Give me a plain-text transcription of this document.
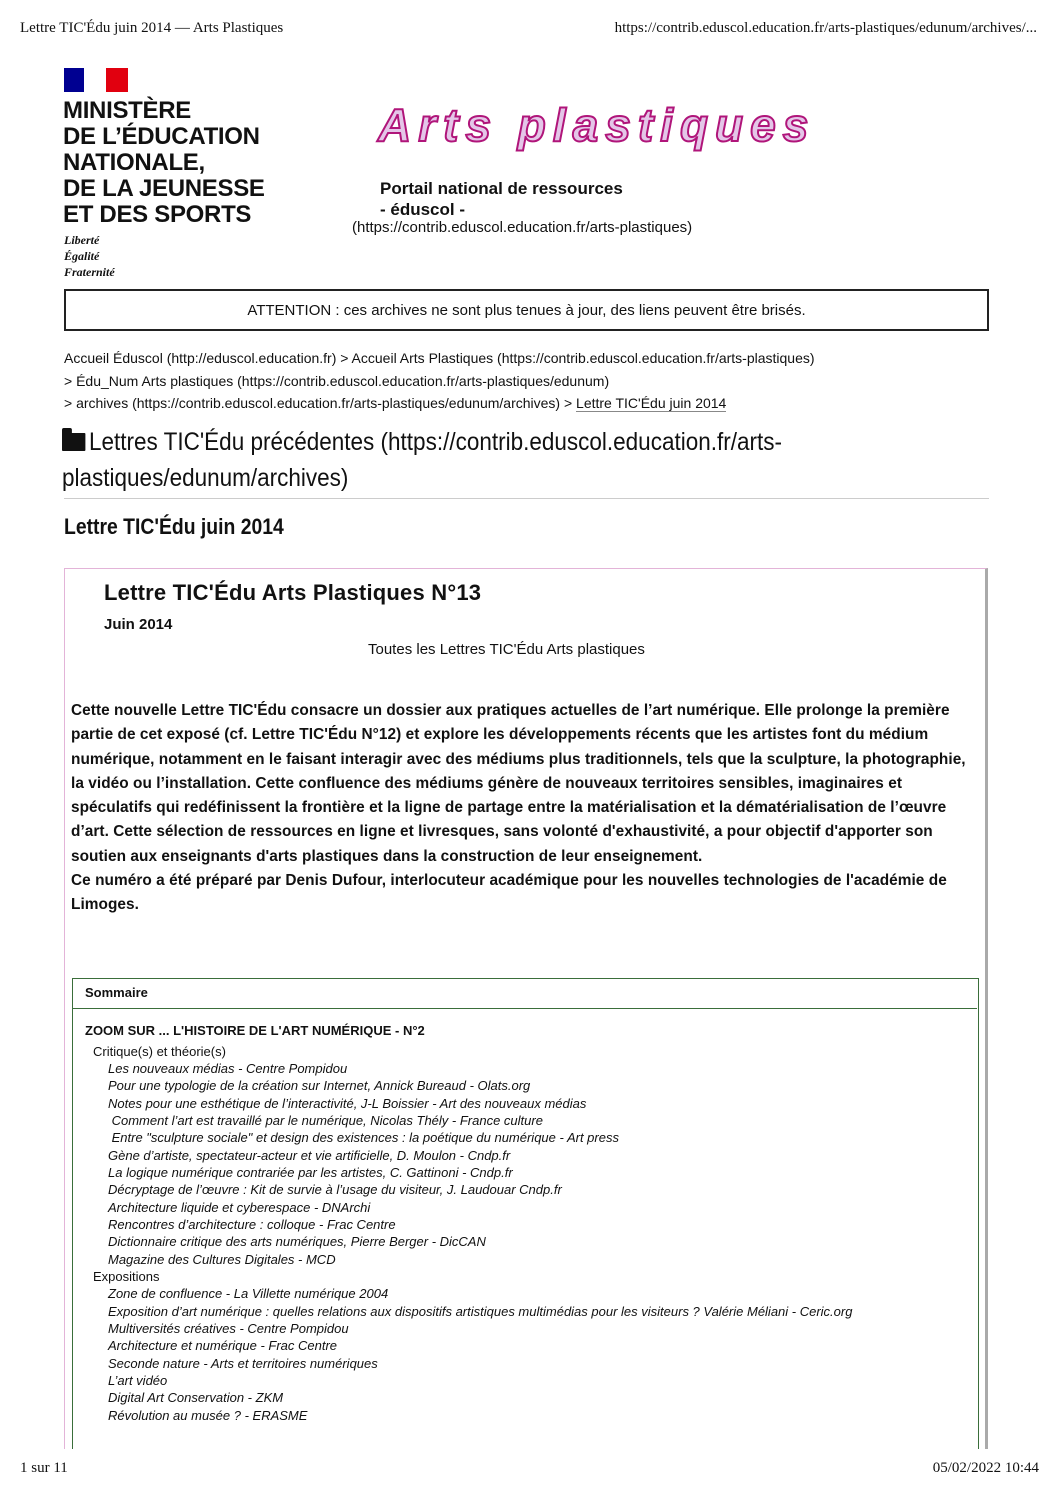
Lettre TIC'Édu juin 2014 — Arts Plastiques	https://contrib.eduscol.education.fr/arts-plastiques/edunum/archives/...
MINISTÈRE
DE L’ÉDUCATION
NATIONALE,
DE LA JEUNESSE
ET DES SPORTS
Liberté
Égalité
Fraternité
Arts plastiques
Portail national de ressources
- éduscol -
(https://contrib.eduscol.education.fr/arts-plastiques)
ATTENTION : ces archives ne sont plus tenues à jour, des liens peuvent être brisés.
Accueil Éduscol (http://eduscol.education.fr) > Accueil Arts Plastiques (https://contrib.eduscol.education.fr/arts-plastiques)
> Édu_Num Arts plastiques (https://contrib.eduscol.education.fr/arts-plastiques/edunum)
> archives (https://contrib.eduscol.education.fr/arts-plastiques/edunum/archives) > Lettre TIC'Édu juin 2014
Lettres TIC'Édu précédentes (https://contrib.eduscol.education.fr/arts-plastiques/edunum/archives)
Lettre TIC'Édu juin 2014
Lettre TIC'Édu Arts Plastiques N°13
Juin 2014
Toutes les Lettres TIC'Édu Arts plastiques
Cette nouvelle Lettre TIC'Édu consacre un dossier aux pratiques actuelles de l’art numérique. Elle prolonge la première partie de cet exposé (cf. Lettre TIC'Édu N°12) et explore les développements récents que les artistes font du médium numérique, notamment en le faisant interagir avec des médiums plus traditionnels, tels que la sculpture, la photographie, la vidéo ou l’installation. Cette confluence des médiums génère de nouveaux territoires sensibles, imaginaires et spéculatifs qui redéfinissent la frontière et la ligne de partage entre la matérialisation et la dématérialisation de l’œuvre d’art. Cette sélection de ressources en ligne et livresques, sans volonté d'exhaustivité, a pour objectif d'apporter son soutien aux enseignants d'arts plastiques dans la construction de leur enseignement.
Ce numéro a été préparé par Denis Dufour, interlocuteur académique pour les nouvelles technologies de l'académie de Limoges.
Sommaire
ZOOM SUR ... L'HISTOIRE DE L'ART NUMÉRIQUE - N°2
Critique(s) et théorie(s)
Les nouveaux médias - Centre Pompidou
Pour une typologie de la création sur Internet, Annick Bureaud - Olats.org
Notes pour une esthétique de l’interactivité, J-L Boissier - Art des nouveaux médias
Comment l’art est travaillé par le numérique, Nicolas Thély - France culture
Entre "sculpture sociale" et design des existences : la poétique du numérique - Art press
Gène d’artiste, spectateur-acteur et vie artificielle, D. Moulon - Cndp.fr
La logique numérique contrariée par les artistes, C. Gattinoni - Cndp.fr
Décryptage de l’œuvre : Kit de survie à l’usage du visiteur, J. Laudouar Cndp.fr
Architecture liquide et cyberespace - DNArchi
Rencontres d’architecture : colloque - Frac Centre
Dictionnaire critique des arts numériques, Pierre Berger - DicCAN
Magazine des Cultures Digitales - MCD
Expositions
Zone de confluence - La Villette numérique 2004
Exposition d’art numérique : quelles relations aux dispositifs artistiques multimédias pour les visiteurs ? Valérie Méliani - Ceric.org
Multiversités créatives - Centre Pompidou
Architecture et numérique - Frac Centre
Seconde nature - Arts et territoires numériques
L’art vidéo
Digital Art Conservation - ZKM
Révolution au musée ? - ERASME
1 sur 11	05/02/2022 10:44
